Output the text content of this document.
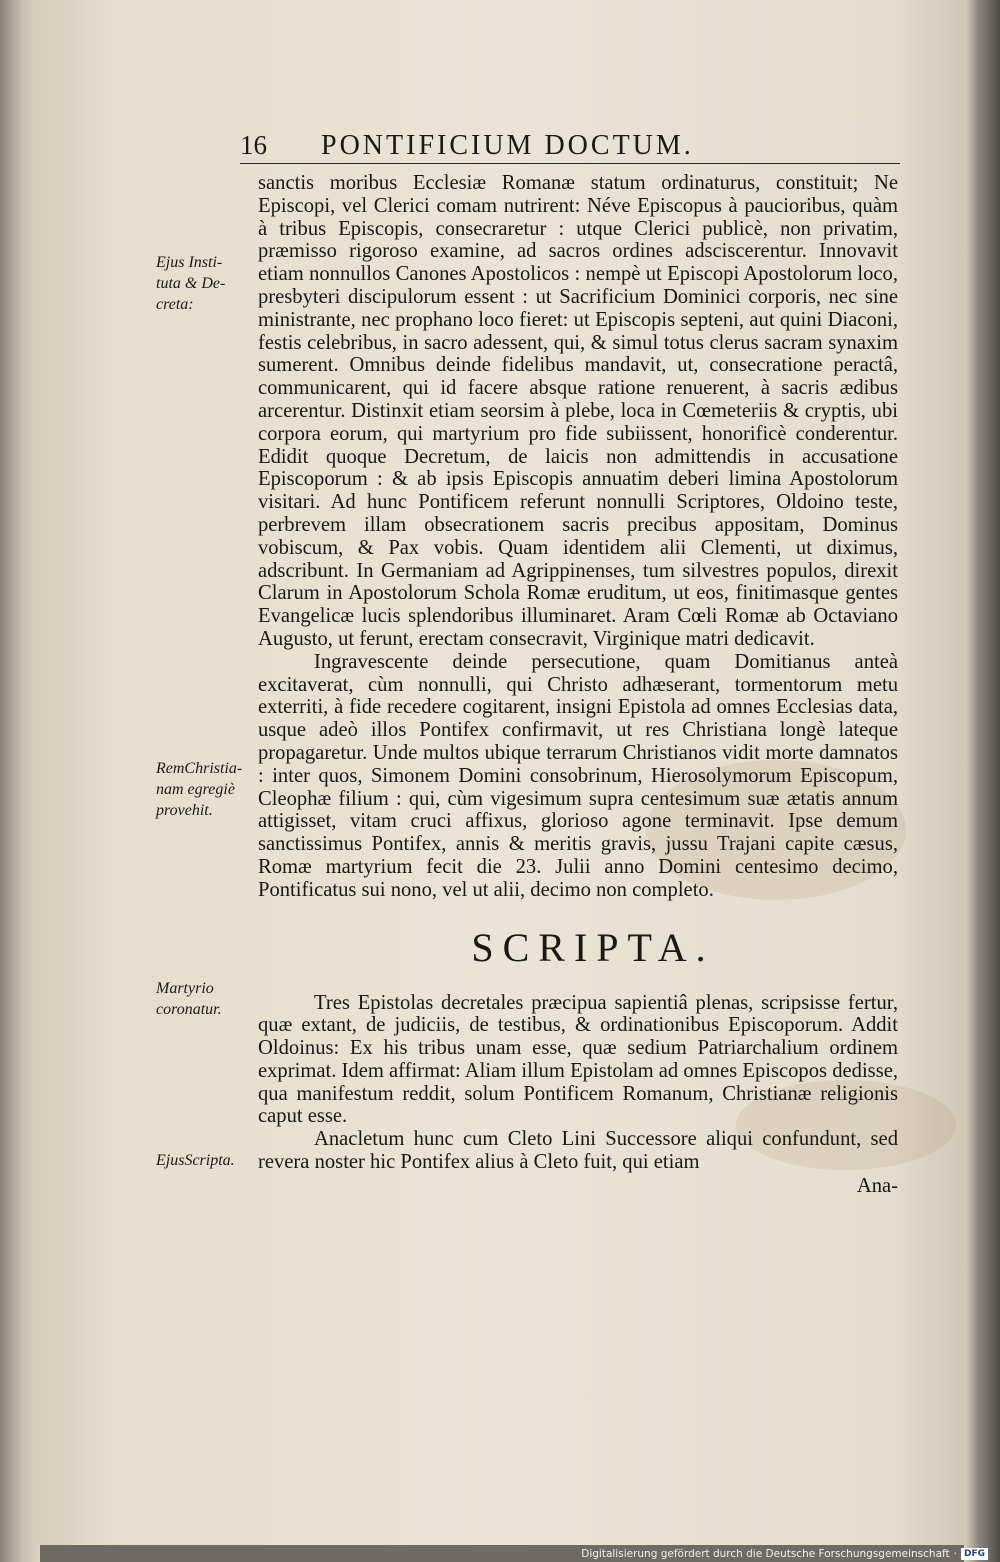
16 PONTIFICIUM DOCTUM.
Ejus Insti-
tuta & De-
creta:
RemChristia-
nam egregiè
provehit.
Martyrio
coronatur.
EjusScripta.

sanctis moribus Ecclesiæ Romanæ statum ordinaturus, constituit; Ne Episcopi, vel Clerici comam nutrirent: Néve Episcopus à paucioribus, quàm à tribus Episcopis, consecraretur : utque Clerici publicè, non privatim, præmisso rigoroso examine, ad sacros ordines adsciscerentur. Innovavit etiam nonnullos Canones Apostolicos : nempè ut Episcopi Apostolorum loco, presbyteri discipulorum essent : ut Sacrificium Dominici corporis, nec sine ministrante, nec prophano loco fieret: ut Episcopis septeni, aut quini Diaconi, festis celebribus, in sacro adessent, qui, & simul totus clerus sacram synaxim sumerent. Omnibus deinde fidelibus mandavit, ut, consecratione peractâ, communicarent, qui id facere absque ratione renuerent, à sacris ædibus arcerentur. Distinxit etiam seorsim à plebe, loca in Cœmeteriis & cryptis, ubi corpora eorum, qui martyrium pro fide subiissent, honorificè conderentur. Edidit quoque Decretum, de laicis non admittendis in accusatione Episcoporum : & ab ipsis Episcopis annuatim deberi limina Apostolorum visitari. Ad hunc Pontificem referunt nonnulli Scriptores, Oldoino teste, perbrevem illam obsecrationem sacris precibus appositam, Dominus vobiscum, & Pax vobis. Quam identidem alii Clementi, ut diximus, adscribunt. In Germaniam ad Agrippinenses, tum silvestres populos, direxit Clarum in Apostolorum Schola Romæ eruditum, ut eos, finitimasque gentes Evangelicæ lucis splendoribus illuminaret. Aram Cœli Romæ ab Octaviano Augusto, ut ferunt, erectam consecravit, Virginique matri dedicavit.

Ingravescente deinde persecutione, quam Domitianus anteà excitaverat, cùm nonnulli, qui Christo adhæserant, tormentorum metu exterriti, à fide recedere cogitarent, insigni Epistola ad omnes Ecclesias data, usque adeò illos Pontifex confirmavit, ut res Christiana longè lateque propagaretur. Unde multos ubique terrarum Christianos vidit morte damnatos : inter quos, Simonem Domini consobrinum, Hierosolymorum Episcopum, Cleophæ filium : qui, cùm vigesimum supra centesimum suæ ætatis annum attigisset, vitam cruci affixus, glorioso agone terminavit. Ipse demum sanctissimus Pontifex, annis & meritis gravis, jussu Trajani capite cæsus, Romæ martyrium fecit die 23. Julii anno Domini centesimo decimo, Pontificatus sui nono, vel ut alii, decimo non completo.

SCRIPTA.

Tres Epistolas decretales præcipua sapientiâ plenas, scripsisse fertur, quæ extant, de judiciis, de testibus, & ordinationibus Episcoporum. Addit Oldoinus: Ex his tribus unam esse, quæ sedium Patriarchalium ordinem exprimat. Idem affirmat: Aliam illum Epistolam ad omnes Episcopos dedisse, qua manifestum reddit, solum Pontificem Romanum, Christianæ religionis caput esse.

Anacletum hunc cum Cleto Lini Successore aliqui confundunt, sed revera noster hic Pontifex alius à Cleto fuit, qui etiam

Ana-
Digitalisierung gefördert durch die Deutsche Forschungsgemeinschaft · DFG
